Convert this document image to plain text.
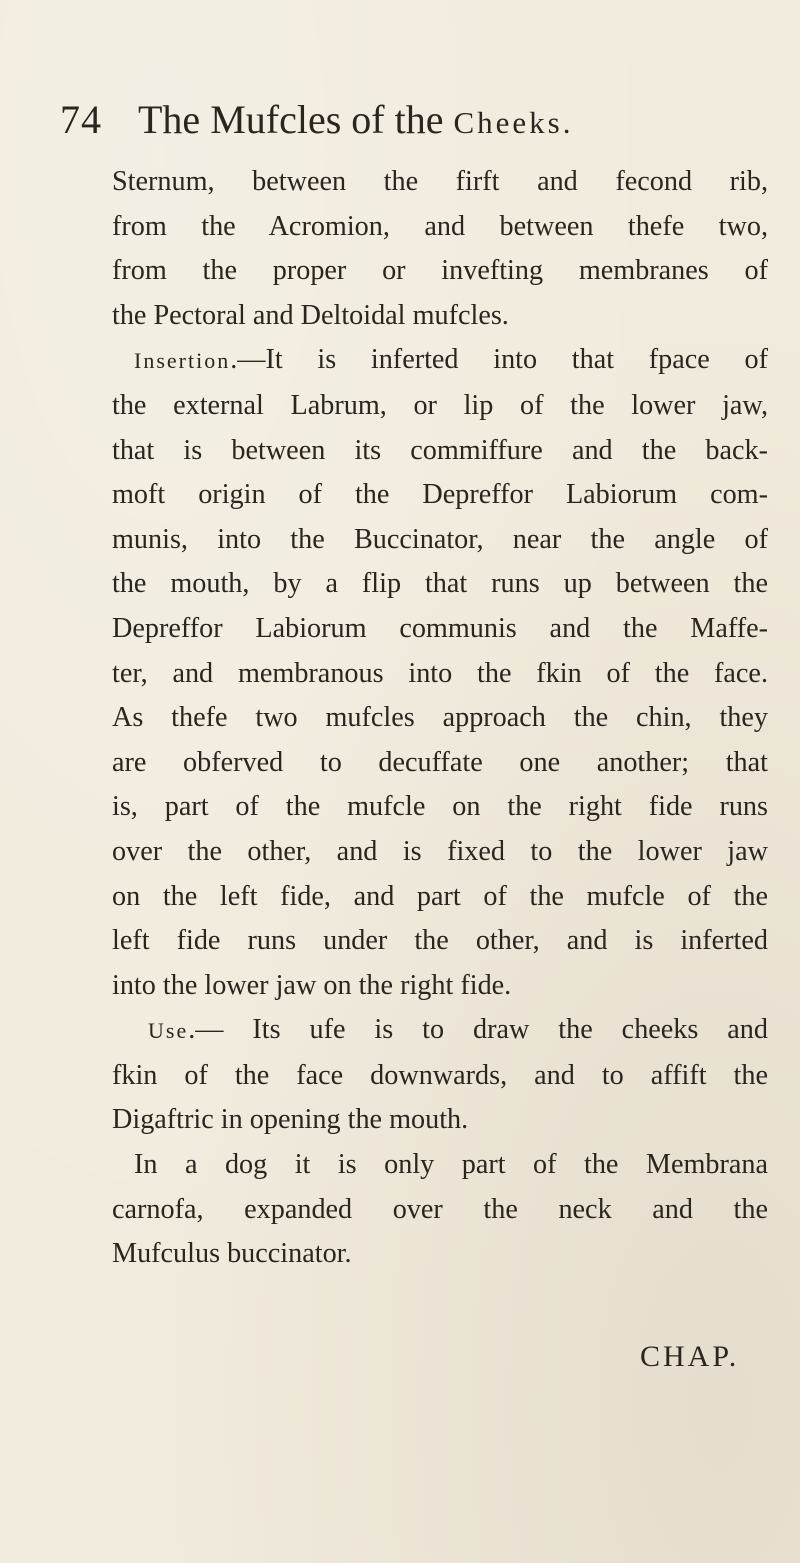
74 The Mufcles of the Cheeks.
Sternum, between the firft and fecond rib,
from the Acromion, and between thefe two,
from the proper or invefting membranes of
the Pectoral and Deltoidal mufcles.
Insertion.—It is inferted into that fpace of
the external Labrum, or lip of the lower jaw,
that is between its commiffure and the back-
moft origin of the Depreffor Labiorum com-
munis, into the Buccinator, near the angle of
the mouth, by a flip that runs up between the
Depreffor Labiorum communis and the Maffe-
ter, and membranous into the fkin of the face.
As thefe two mufcles approach the chin, they
are obferved to decuffate one another; that
is, part of the mufcle on the right fide runs
over the other, and is fixed to the lower jaw
on the left fide, and part of the mufcle of the
left fide runs under the other, and is inferted
into the lower jaw on the right fide.
Use.— Its ufe is to draw the cheeks and
fkin of the face downwards, and to affift the
Digaftric in opening the mouth.
In a dog it is only part of the Membrana
carnofa, expanded over the neck and the
Mufculus buccinator.
CHAP.
